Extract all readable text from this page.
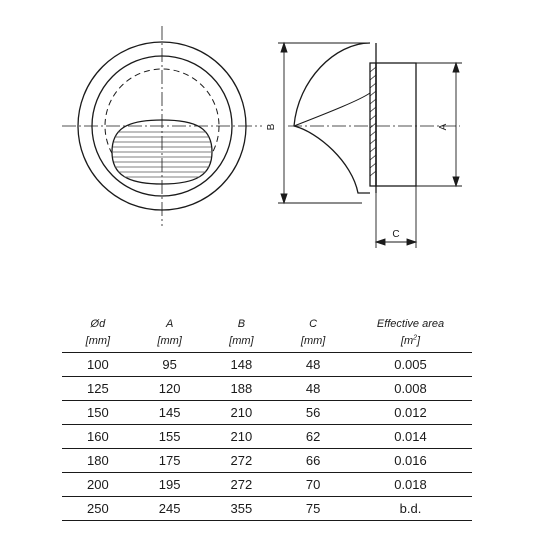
B	A
C
Ød	A	B	C	Effective area
[mm]	[mm]	[mm]	[mm]	$[m^2]$
100	95	148	48	0.005
125	120	188	48	0.008
150	145	210	56	0.012
160	155	210	62	0.014
180	175	272	66	0.016
200	195	272	70	0.018
250	245	355	75	b.d.
